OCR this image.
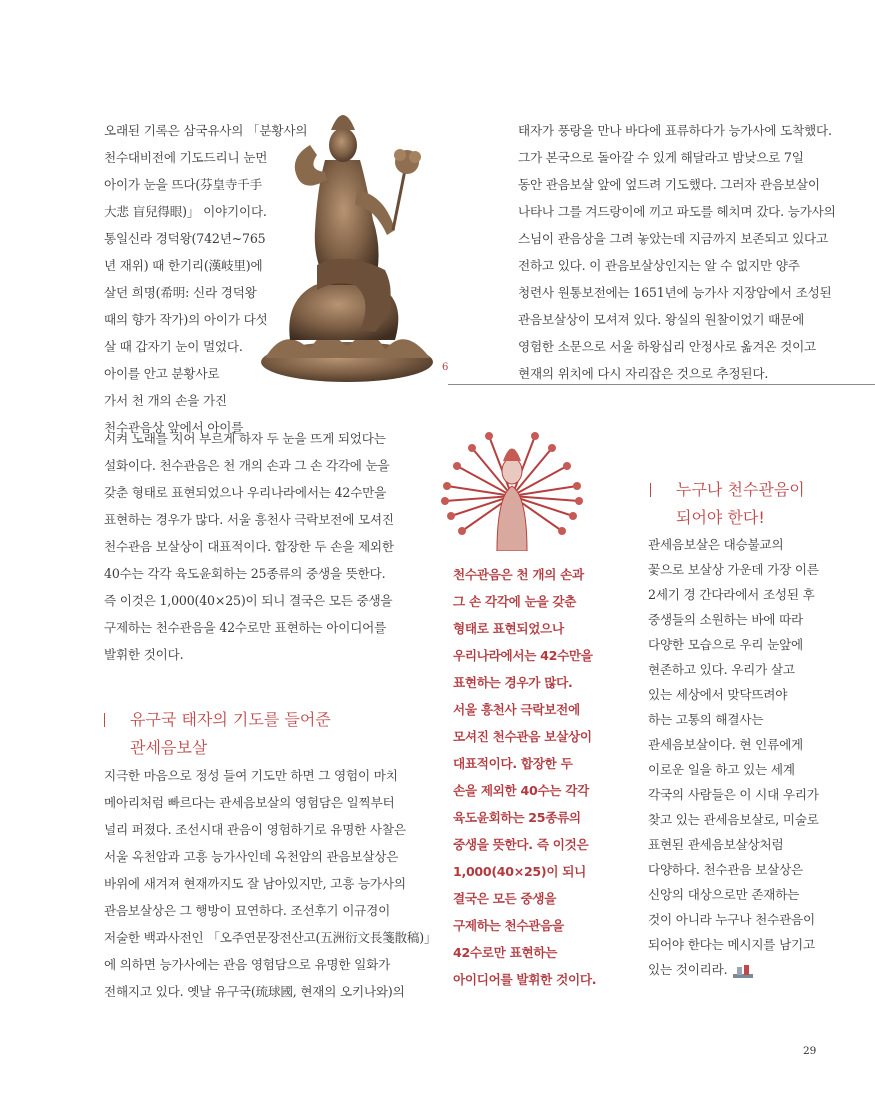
6
오래된 기록은 삼국유사의 「분황사의
천수대비전에 기도드리니 눈먼
아이가 눈을 뜨다(芬皇寺千手
大悲 盲兒得眼)」 이야기이다.
통일신라 경덕왕(742년~765
년 재위) 때 한기리(漢岐里)에
살던 희명(希明: 신라 경덕왕
때의 향가 작가)의 아이가 다섯
살 때 갑자기 눈이 멀었다.
아이를 안고 분황사로
가서 천 개의 손을 가진
천수관음상 앞에서 아이를
태자가 풍랑을 만나 바다에 표류하다가 능가사에 도착했다.
그가 본국으로 돌아갈 수 있게 해달라고 밤낮으로 7일
동안 관음보살 앞에 엎드려 기도했다. 그러자 관음보살이
나타나 그를 겨드랑이에 끼고 파도를 헤치며 갔다. 능가사의
스님이 관음상을 그려 놓았는데 지금까지 보존되고 있다고
전하고 있다. 이 관음보살상인지는 알 수 없지만 양주
청련사 원통보전에는 1651년에 능가사 지장암에서 조성된
관음보살상이 모셔져 있다. 왕실의 원찰이었기 때문에
영험한 소문으로 서울 하왕십리 안정사로 옮겨온 것이고
현재의 위치에 다시 자리잡은 것으로 추정된다.
시켜 노래를 지어 부르게 하자 두 눈을 뜨게 되었다는
설화이다. 천수관음은 천 개의 손과 그 손 각각에 눈을
갖춘 형태로 표현되었으나 우리나라에서는 42수만을
표현하는 경우가 많다. 서울 흥천사 극락보전에 모셔진
천수관음 보살상이 대표적이다. 합장한 두 손을 제외한
40수는 각각 육도윤회하는 25종류의 중생을 뜻한다.
즉 이것은 1,000(40×25)이 되니 결국은 모든 중생을
구제하는 천수관음을 42수로만 표현하는 아이디어를
발휘한 것이다.
유구국 태자의 기도를 들어준
관세음보살
지극한 마음으로 정성 들여 기도만 하면 그 영험이 마치
메아리처럼 빠르다는 관세음보살의 영험담은 일찍부터
널리 퍼졌다. 조선시대 관음이 영험하기로 유명한 사찰은
서울 옥천암과 고흥 능가사인데 옥천암의 관음보살상은
바위에 새겨져 현재까지도 잘 남아있지만, 고흥 능가사의
관음보살상은 그 행방이 묘연하다. 조선후기 이규경이
저술한 백과사전인 「오주연문장전산고(五洲衍文長箋散稿)」
에 의하면 능가사에는 관음 영험담으로 유명한 일화가
전해지고 있다. 옛날 유구국(琉球國, 현재의 오키나와)의
천수관음은 천 개의 손과
그 손 각각에 눈을 갖춘
형태로 표현되었으나
우리나라에서는 42수만을
표현하는 경우가 많다.
서울 흥천사 극락보전에
모셔진 천수관음 보살상이
대표적이다. 합장한 두
손을 제외한 40수는 각각
육도윤회하는 25종류의
중생을 뜻한다. 즉 이것은
1,000(40×25)이 되니
결국은 모든 중생을
구제하는 천수관음을
42수로만 표현하는
아이디어를 발휘한 것이다.
누구나 천수관음이
되어야 한다!
관세음보살은 대승불교의
꽃으로 보살상 가운데 가장 이른
2세기 경 간다라에서 조성된 후
중생들의 소원하는 바에 따라
다양한 모습으로 우리 눈앞에
현존하고 있다. 우리가 살고
있는 세상에서 맞닥뜨려야
하는 고통의 해결사는
관세음보살이다. 현 인류에게
이로운 일을 하고 있는 세계
각국의 사람들은 이 시대 우리가
찾고 있는 관세음보살로, 미술로
표현된 관세음보살상처럼
다양하다. 천수관음 보살상은
신앙의 대상으로만 존재하는
것이 아니라 누구나 천수관음이
되어야 한다는 메시지를 남기고
있는 것이리라.
29
